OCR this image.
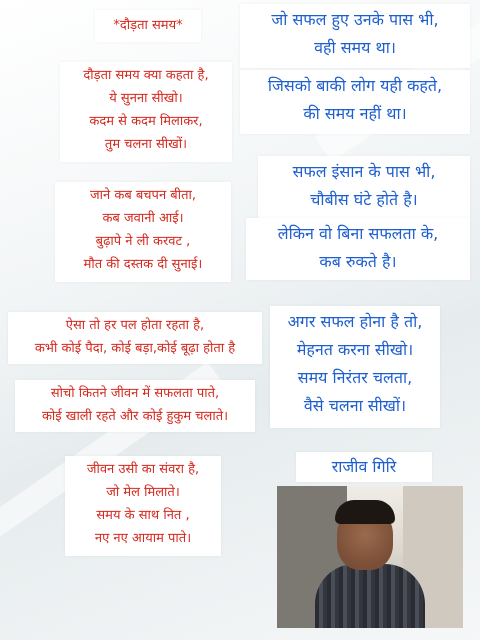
*दौड़ता समय*

दौड़ता समय क्या कहता है,

ये सुनना सीखो।

कदम से कदम मिलाकर,

तुम चलना सीखों।

जाने कब बचपन बीता,

कब जवानी आई।

बुढ़ापे ने ली करवट ,

मौत की दस्तक दी सुनाई।

ऐसा तो हर पल होता रहता है,

कभी कोई पैदा, कोई बड़ा,कोई बूढ़ा होता है

सोचो कितने जीवन में सफलता पाते,

कोई खाली रहते और कोई हुकुम चलाते।

जीवन उसी का संवरा है,

जो मेल मिलाते।

समय के साथ नित ,

नए नए आयाम पाते।

जो सफल हुए उनके पास भी,

वही समय था।

जिसको बाकी लोग यही कहते,

की समय नहीं था।

सफल इंसान के पास भी,

चौबीस घंटे होते है।

लेकिन वो बिना सफलता के,

कब रुकते है।

अगर सफल होना है तो,

मेहनत करना सीखो।

समय निरंतर चलता,

वैसे चलना सीखों।

राजीव गिरि
